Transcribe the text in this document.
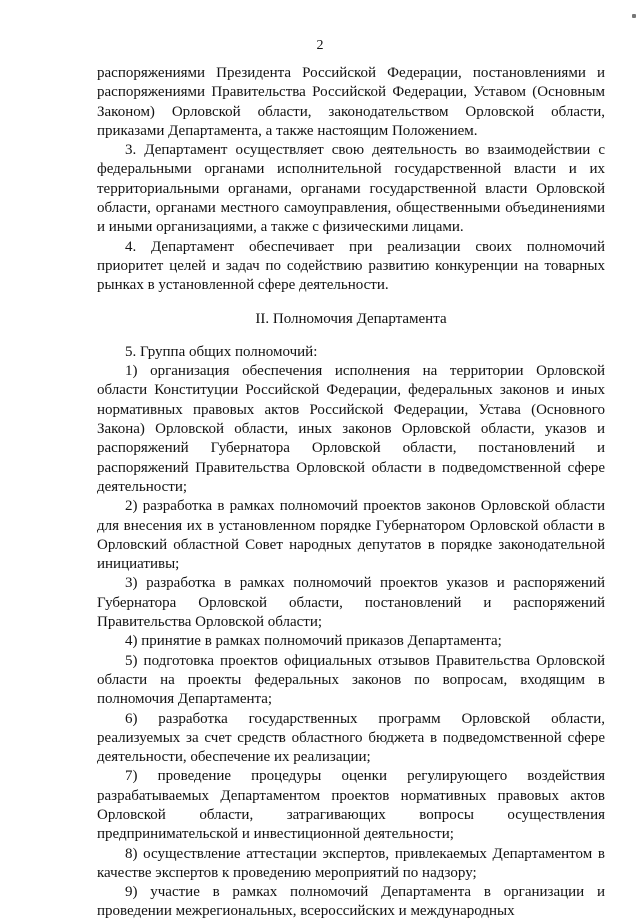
2

распоряжениями Президента Российской Федерации, постановлениями и распоряжениями Правительства Российской Федерации, Уставом (Основным Законом) Орловской области, законодательством Орловской области, приказами Департамента, а также настоящим Положением.

3. Департамент осуществляет свою деятельность во взаимодействии с федеральными органами исполнительной государственной власти и их территориальными органами, органами государственной власти Орловской области, органами местного самоуправления, общественными объединениями и иными организациями, а также с физическими лицами.

4. Департамент обеспечивает при реализации своих полномочий приоритет целей и задач по содействию развитию конкуренции на товарных рынках в установленной сфере деятельности.

II. Полномочия Департамента

5. Группа общих полномочий:

1) организация обеспечения исполнения на территории Орловской области Конституции Российской Федерации, федеральных законов и иных нормативных правовых актов Российской Федерации, Устава (Основного Закона) Орловской области, иных законов Орловской области, указов и распоряжений Губернатора Орловской области, постановлений и распоряжений Правительства Орловской области в подведомственной сфере деятельности;

2) разработка в рамках полномочий проектов законов Орловской области для внесения их в установленном порядке Губернатором Орловской области в Орловский областной Совет народных депутатов в порядке законодательной инициативы;

3) разработка в рамках полномочий проектов указов и распоряжений Губернатора Орловской области, постановлений и распоряжений Правительства Орловской области;

4) принятие в рамках полномочий приказов Департамента;

5) подготовка проектов официальных отзывов Правительства Орловской области на проекты федеральных законов по вопросам, входящим в полномочия Департамента;

6) разработка государственных программ Орловской области, реализуемых за счет средств областного бюджета в подведомственной сфере деятельности, обеспечение их реализации;

7) проведение процедуры оценки регулирующего воздействия разрабатываемых Департаментом проектов нормативных правовых актов Орловской области, затрагивающих вопросы осуществления предпринимательской и инвестиционной деятельности;

8) осуществление аттестации экспертов, привлекаемых Департаментом в качестве экспертов к проведению мероприятий по надзору;

9) участие в рамках полномочий Департамента в организации и проведении межрегиональных, всероссийских и международных
